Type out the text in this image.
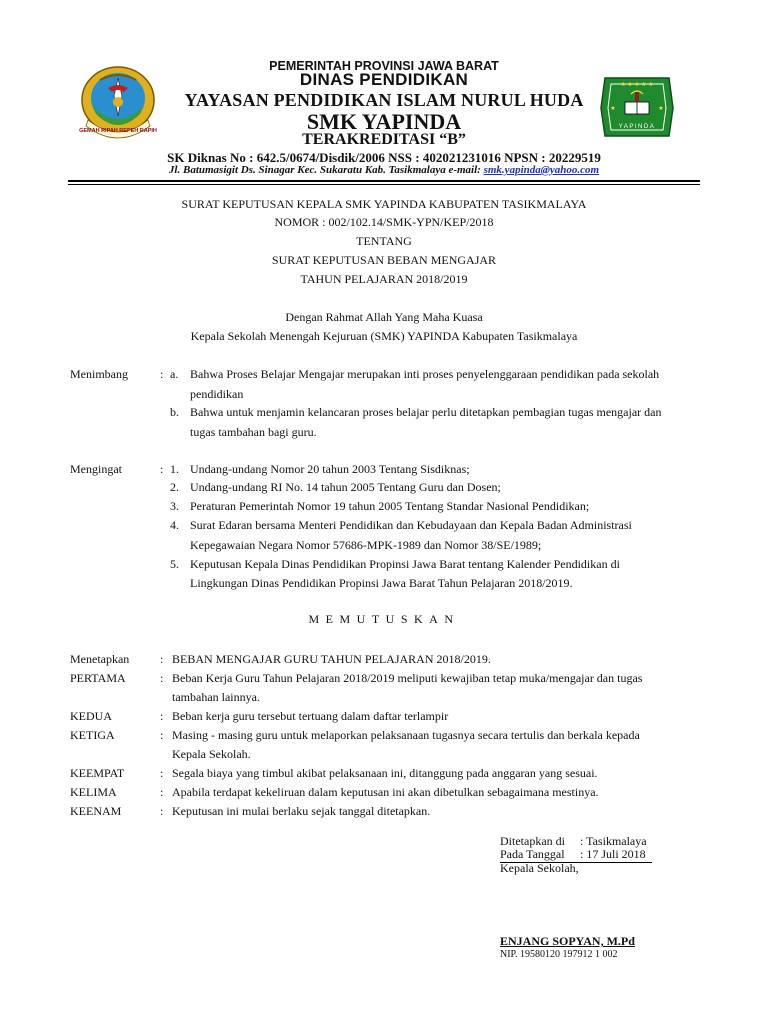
GEMAH RIPAH REPEH RAPIH
★ ★ ★ ★ ★
★	★
YAPINDA
PEMERINTAH PROVINSI JAWA BARAT
DINAS PENDIDIKAN
YAYASAN PENDIDIKAN ISLAM NURUL HUDA
SMK YAPINDA
TERAKREDITASI “B”
SK Diknas No : 642.5/0674/Disdik/2006 NSS : 402021231016 NPSN : 20229519
Jl. Batumasigit Ds. Sinagar Kec. Sukaratu Kab. Tasikmalaya e-mail: smk.yapinda@yahoo.com
SURAT KEPUTUSAN KEPALA SMK YAPINDA KABUPATEN TASIKMALAYA
NOMOR : 002/102.14/SMK-YPN/KEP/2018
TENTANG
SURAT KEPUTUSAN BEBAN MENGAJAR
TAHUN PELAJARAN 2018/2019
Dengan Rahmat Allah Yang Maha Kuasa
Kepala Sekolah Menengah Kejuruan (SMK) YAPINDA Kabupaten Tasikmalaya
Menimbang	: a. Bahwa Proses Belajar Mengajar merupakan inti proses penyelenggaraan pendidikan pada sekolah
pendidikan
b. Bahwa untuk menjamin kelancaran proses belajar perlu ditetapkan pembagian tugas mengajar dan
tugas tambahan bagi guru.
Mengingat	: 1. Undang-undang Nomor 20 tahun 2003 Tentang Sisdiknas;
2. Undang-undang RI No. 14 tahun 2005 Tentang Guru dan Dosen;
3. Peraturan Pemerintah Nomor 19 tahun 2005 Tentang Standar Nasional Pendidikan;
4. Surat Edaran bersama Menteri Pendidikan dan Kebudayaan dan Kepala Badan Administrasi
Kepegawaian Negara Nomor 57686-MPK-1989 dan Nomor 38/SE/1989;
5. Keputusan Kepala Dinas Pendidikan Propinsi Jawa Barat tentang Kalender Pendidikan di
Lingkungan Dinas Pendidikan Propinsi Jawa Barat Tahun Pelajaran 2018/2019.
MEMUTUSKAN
Menetapkan	: BEBAN MENGAJAR GURU TAHUN PELAJARAN 2018/2019.
PERTAMA	: Beban Kerja Guru Tahun Pelajaran 2018/2019 meliputi kewajiban tetap muka/mengajar dan tugas
tambahan lainnya.
KEDUA	: Beban kerja guru tersebut tertuang dalam daftar terlampir
KETIGA	: Masing - masing guru untuk melaporkan pelaksanaan tugasnya secara tertulis dan berkala kepada
Kepala Sekolah.
KEEMPAT	: Segala biaya yang timbul akibat pelaksanaan ini, ditanggung pada anggaran yang sesuai.
KELIMA	: Apabila terdapat kekeliruan dalam keputusan ini akan dibetulkan sebagaimana mestinya.
KEENAM	: Keputusan ini mulai berlaku sejak tanggal ditetapkan.
Ditetapkan di : Tasikmalaya
Pada Tanggal : 17 Juli 2018
Kepala Sekolah,
ENJANG SOPYAN, M.Pd
NIP. 19580120 197912 1 002
